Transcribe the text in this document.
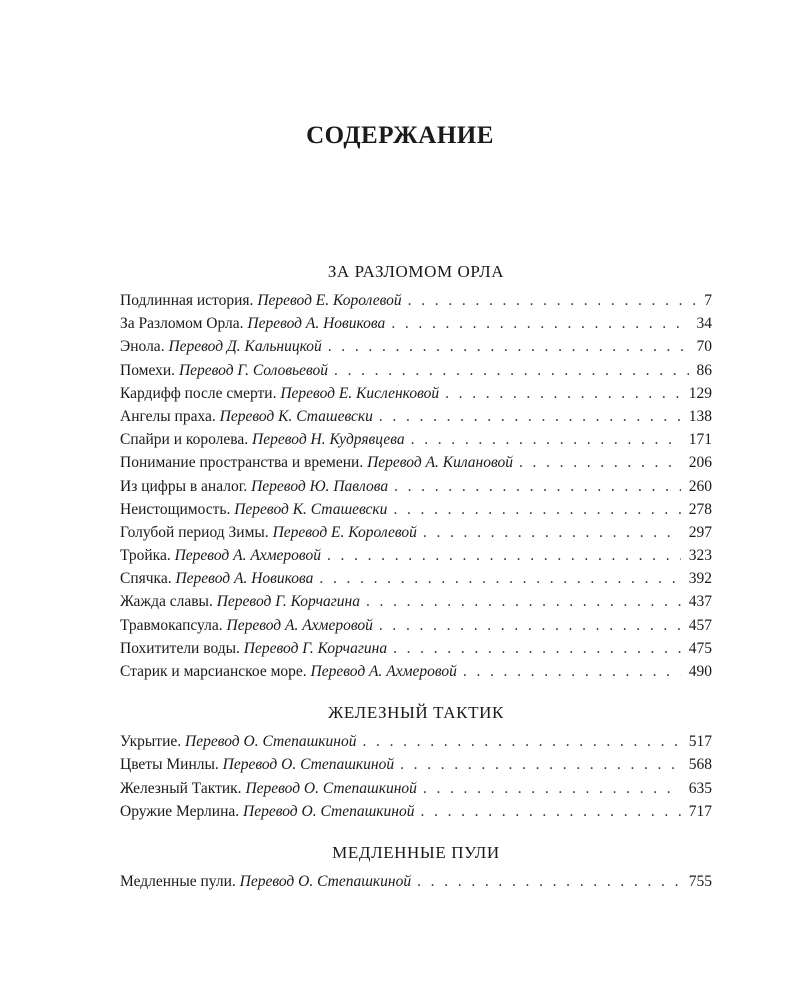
СОДЕРЖАНИЕ
ЗА РАЗЛОМОМ ОРЛА
Подлинная история. Перевод Е. Королевой . . .	7
За Разломом Орла. Перевод А. Новикова . . .	34
Энола. Перевод Д. Кальницкой . . .	70
Помехи. Перевод Г. Соловьевой . . .	86
Кардифф после смерти. Перевод Е. Кисленковой . . .	129
Ангелы праха. Перевод К. Сташевски . . .	138
Спайри и королева. Перевод Н. Кудрявцева . . .	171
Понимание пространства и времени. Перевод А. Килановой . . .	206
Из цифры в аналог. Перевод Ю. Павлова . . .	260
Неистощимость. Перевод К. Сташевски . . .	278
Голубой период Зимы. Перевод Е. Королевой . . .	297
Тройка. Перевод А. Ахмеровой . . .	323
Спячка. Перевод А. Новикова . . .	392
Жажда славы. Перевод Г. Корчагина . . .	437
Травмокапсула. Перевод А. Ахмеровой . . .	457
Похитители воды. Перевод Г. Корчагина . . .	475
Старик и марсианское море. Перевод А. Ахмеровой . . .	490
ЖЕЛЕЗНЫЙ ТАКТИК
Укрытие. Перевод О. Степашкиной . . .	517
Цветы Минлы. Перевод О. Степашкиной . . .	568
Железный Тактик. Перевод О. Степашкиной . . .	635
Оружие Мерлина. Перевод О. Степашкиной . . .	717
МЕДЛЕННЫЕ ПУЛИ
Медленные пули. Перевод О. Степашкиной . . .	755
